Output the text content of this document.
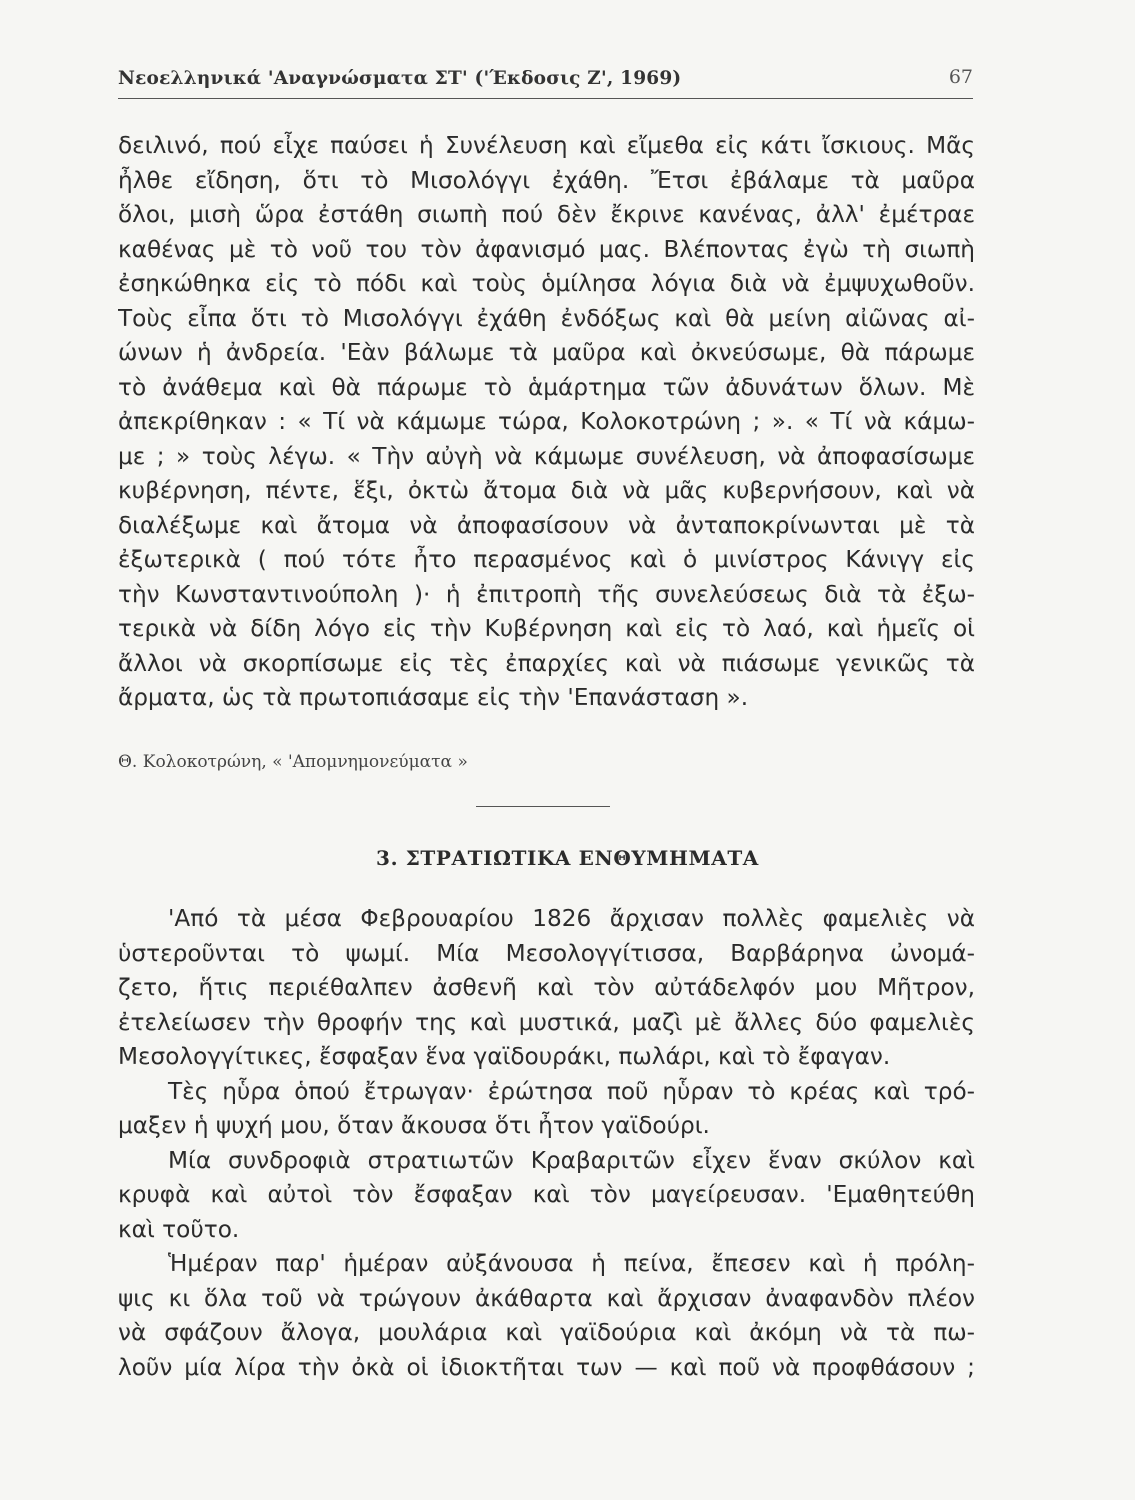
Νεοελληνικά 'Αναγνώσματα ΣΤ' ('Έκδοσις Ζ', 1969)	67
δειλινό, πού εἶχε παύσει ἡ Συνέλευση καὶ εἴμεθα εἰς κάτι ἴσκιους. Μᾶς
ἦλθε εἴδηση, ὅτι τὸ Μισολόγγι ἐχάθη. Ἔτσι ἐβάλαμε τὰ μαῦρα
ὅλοι, μισὴ ὥρα ἐστάθη σιωπὴ πού δὲν ἔκρινε κανένας, ἀλλ' ἐμέτραε
καθένας μὲ τὸ νοῦ του τὸν ἀφανισμό μας. Βλέποντας ἐγὼ τὴ σιωπὴ
ἐσηκώθηκα εἰς τὸ πόδι καὶ τοὺς ὁμίλησα λόγια διὰ νὰ ἐμψυχωθοῦν.
Τοὺς εἶπα ὅτι τὸ Μισολόγγι ἐχάθη ἐνδόξως καὶ θὰ μείνη αἰῶνας αἰ-
ώνων ἡ ἀνδρεία. 'Εὰν βάλωμε τὰ μαῦρα καὶ ὀκνεύσωμε, θὰ πάρωμε
τὸ ἀνάθεμα καὶ θὰ πάρωμε τὸ ἁμάρτημα τῶν ἀδυνάτων ὅλων. Μὲ
ἀπεκρίθηκαν : « Τί νὰ κάμωμε τώρα, Κολοκοτρώνη ; ». « Τί νὰ κάμω-
με ; » τοὺς λέγω. « Τὴν αὐγὴ νὰ κάμωμε συνέλευση, νὰ ἀποφασίσωμε
κυβέρνηση, πέντε, ἕξι, ὀκτὼ ἄτομα διὰ νὰ μᾶς κυβερνήσουν, καὶ νὰ
διαλέξωμε καὶ ἄτομα νὰ ἀποφασίσουν νὰ ἀνταποκρίνωνται μὲ τὰ
ἐξωτερικὰ ( πού τότε ἦτο περασμένος καὶ ὁ μινίστρος Κάνιγγ εἰς
τὴν Κωνσταντινούπολη )· ἡ ἐπιτροπὴ τῆς συνελεύσεως διὰ τὰ ἐξω-
τερικὰ νὰ δίδη λόγο εἰς τὴν Κυβέρνηση καὶ εἰς τὸ λαό, καὶ ἡμεῖς οἱ
ἄλλοι νὰ σκορπίσωμε εἰς τὲς ἐπαρχίες καὶ νὰ πιάσωμε γενικῶς τὰ
ἄρματα, ὡς τὰ πρωτοπιάσαμε εἰς τὴν 'Επανάσταση ».
Θ. Κολοκοτρώνη, « 'Απομνημονεύματα »
3. ΣΤΡΑΤΙΩΤΙΚΑ ΕΝΘΥΜΗΜΑΤΑ
'Από τὰ μέσα Φεβρουαρίου 1826 ἄρχισαν πολλὲς φαμελιὲς νὰ
ὑστεροῦνται τὸ ψωμί. Μία Μεσολογγίτισσα, Βαρβάρηνα ὠνομά-
ζετο, ἥτις περιέθαλπεν ἀσθενῆ καὶ τὸν αὐτάδελφόν μου Μῆτρον,
ἐτελείωσεν τὴν θροφήν της καὶ μυστικά, μαζὶ μὲ ἄλλες δύο φαμελιὲς
Μεσολογγίτικες, ἔσφαξαν ἕνα γαϊδουράκι, πωλάρι, καὶ τὸ ἔφαγαν.
Τὲς ηὗρα ὁπού ἔτρωγαν· ἐρώτησα ποῦ ηὗραν τὸ κρέας καὶ τρό-
μαξεν ἡ ψυχή μου, ὅταν ἄκουσα ὅτι ἦτον γαϊδούρι.
Μία συνδροφιὰ στρατιωτῶν Κραβαριτῶν εἶχεν ἕναν σκύλον καὶ
κρυφὰ καὶ αὐτοὶ τὸν ἔσφαξαν καὶ τὸν μαγείρευσαν. 'Εμαθητεύθη
καὶ τοῦτο.
Ἡμέραν παρ' ἡμέραν αὐξάνουσα ἡ πείνα, ἔπεσεν καὶ ἡ πρόλη-
ψις κι ὅλα τοῦ νὰ τρώγουν ἀκάθαρτα καὶ ἄρχισαν ἀναφανδὸν πλέον
νὰ σφάζουν ἄλογα, μουλάρια καὶ γαϊδούρια καὶ ἀκόμη νὰ τὰ πω-
λοῦν μία λίρα τὴν ὀκὰ οἱ ἰδιοκτῆται των — καὶ ποῦ νὰ προφθάσουν ;
